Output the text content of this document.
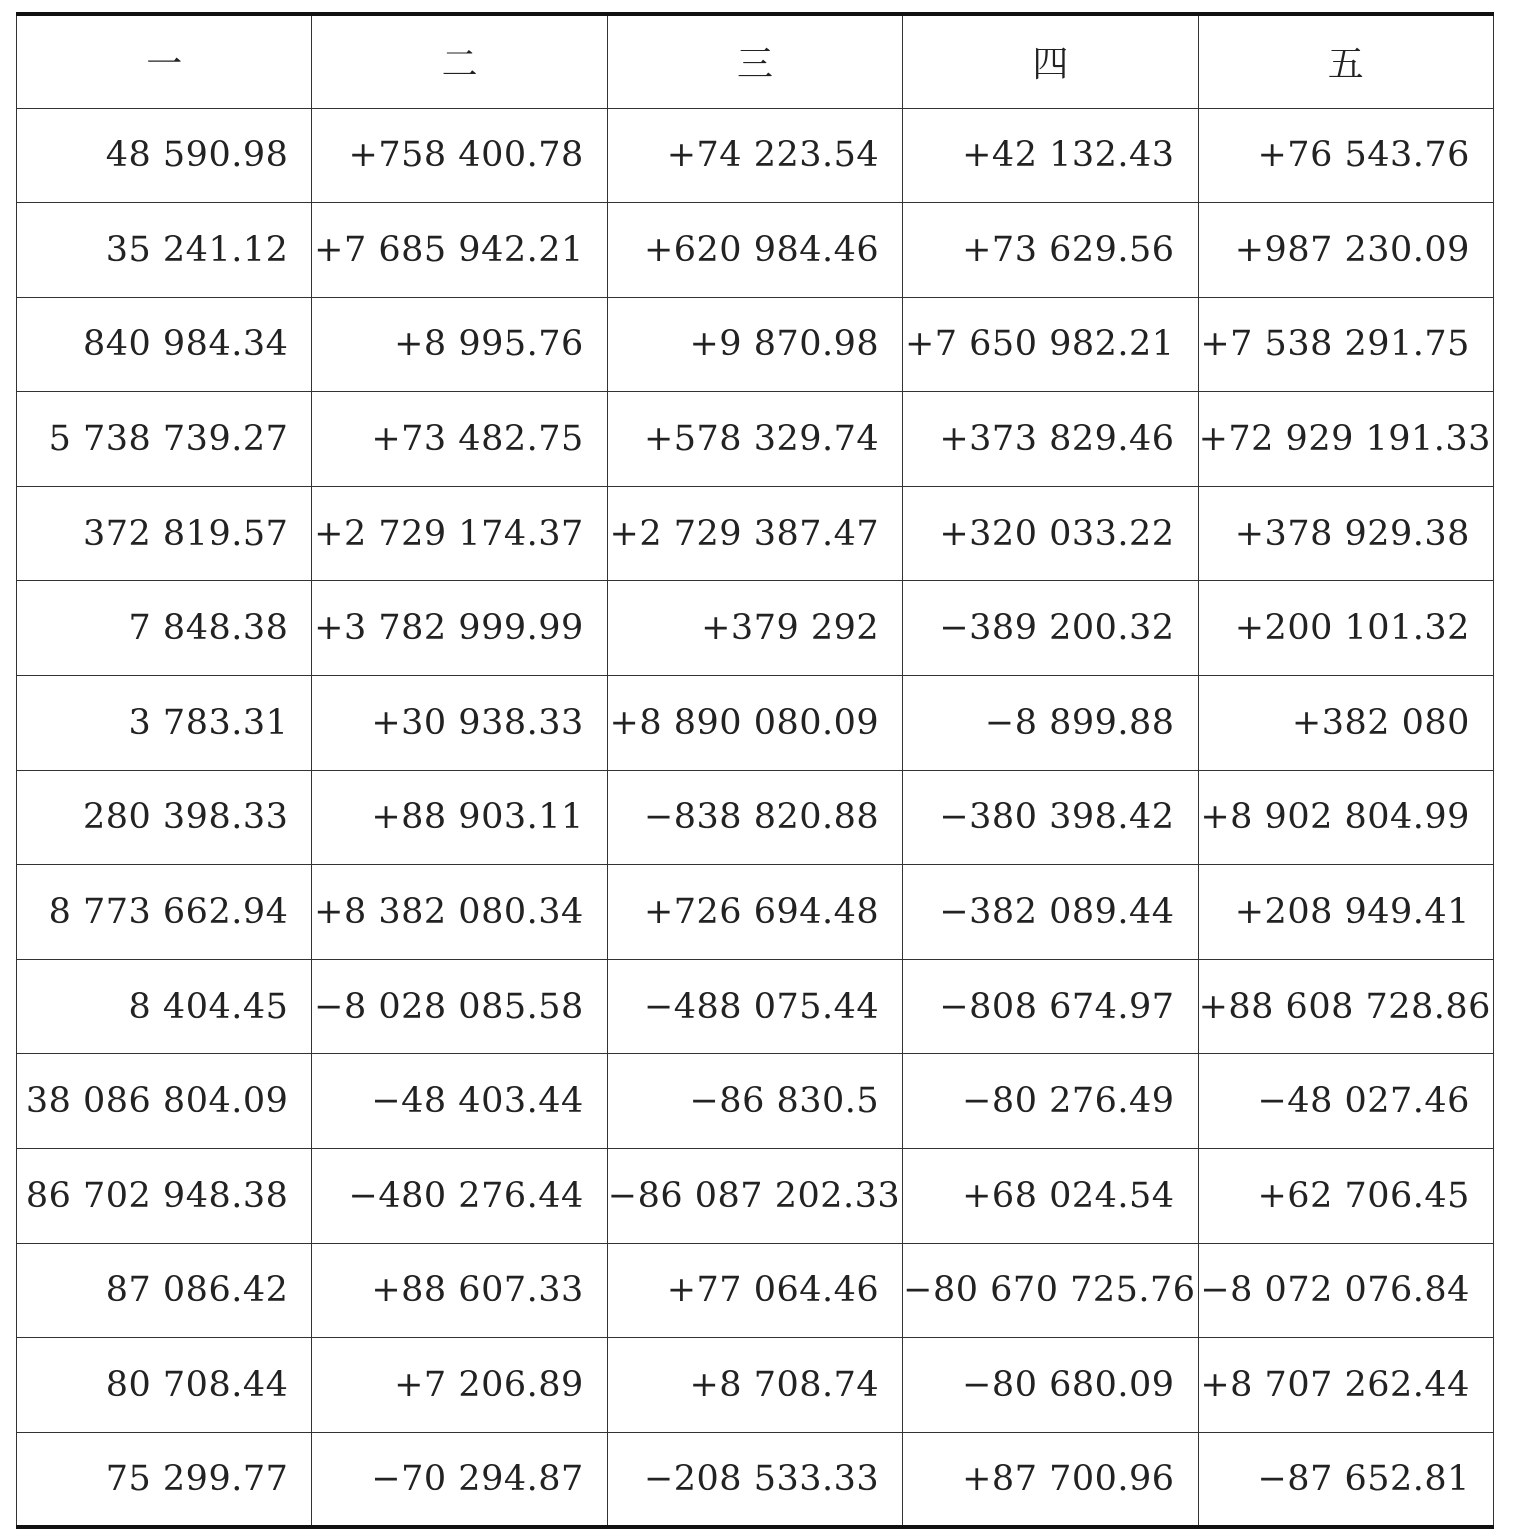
一	二	三	四	五
48 590.98	+758 400.78	+74 223.54	+42 132.43	+76 543.76
35 241.12	+7 685 942.21	+620 984.46	+73 629.56	+987 230.09
840 984.34	+8 995.76	+9 870.98	+7 650 982.21	+7 538 291.75
5 738 739.27	+73 482.75	+578 329.74	+373 829.46	+72 929 191.33
372 819.57	+2 729 174.37	+2 729 387.47	+320 033.22	+378 929.38
7 848.38	+3 782 999.99	+379 292	−389 200.32	+200 101.32
3 783.31	+30 938.33	+8 890 080.09	−8 899.88	+382 080
280 398.33	+88 903.11	−838 820.88	−380 398.42	+8 902 804.99
8 773 662.94	+8 382 080.34	+726 694.48	−382 089.44	+208 949.41
8 404.45	−8 028 085.58	−488 075.44	−808 674.97	+88 608 728.86
38 086 804.09	−48 403.44	−86 830.5	−80 276.49	−48 027.46
86 702 948.38	−480 276.44	−86 087 202.33	+68 024.54	+62 706.45
87 086.42	+88 607.33	+77 064.46	−80 670 725.76	−8 072 076.84
80 708.44	+7 206.89	+8 708.74	−80 680.09	+8 707 262.44
75 299.77	−70 294.87	−208 533.33	+87 700.96	−87 652.81
